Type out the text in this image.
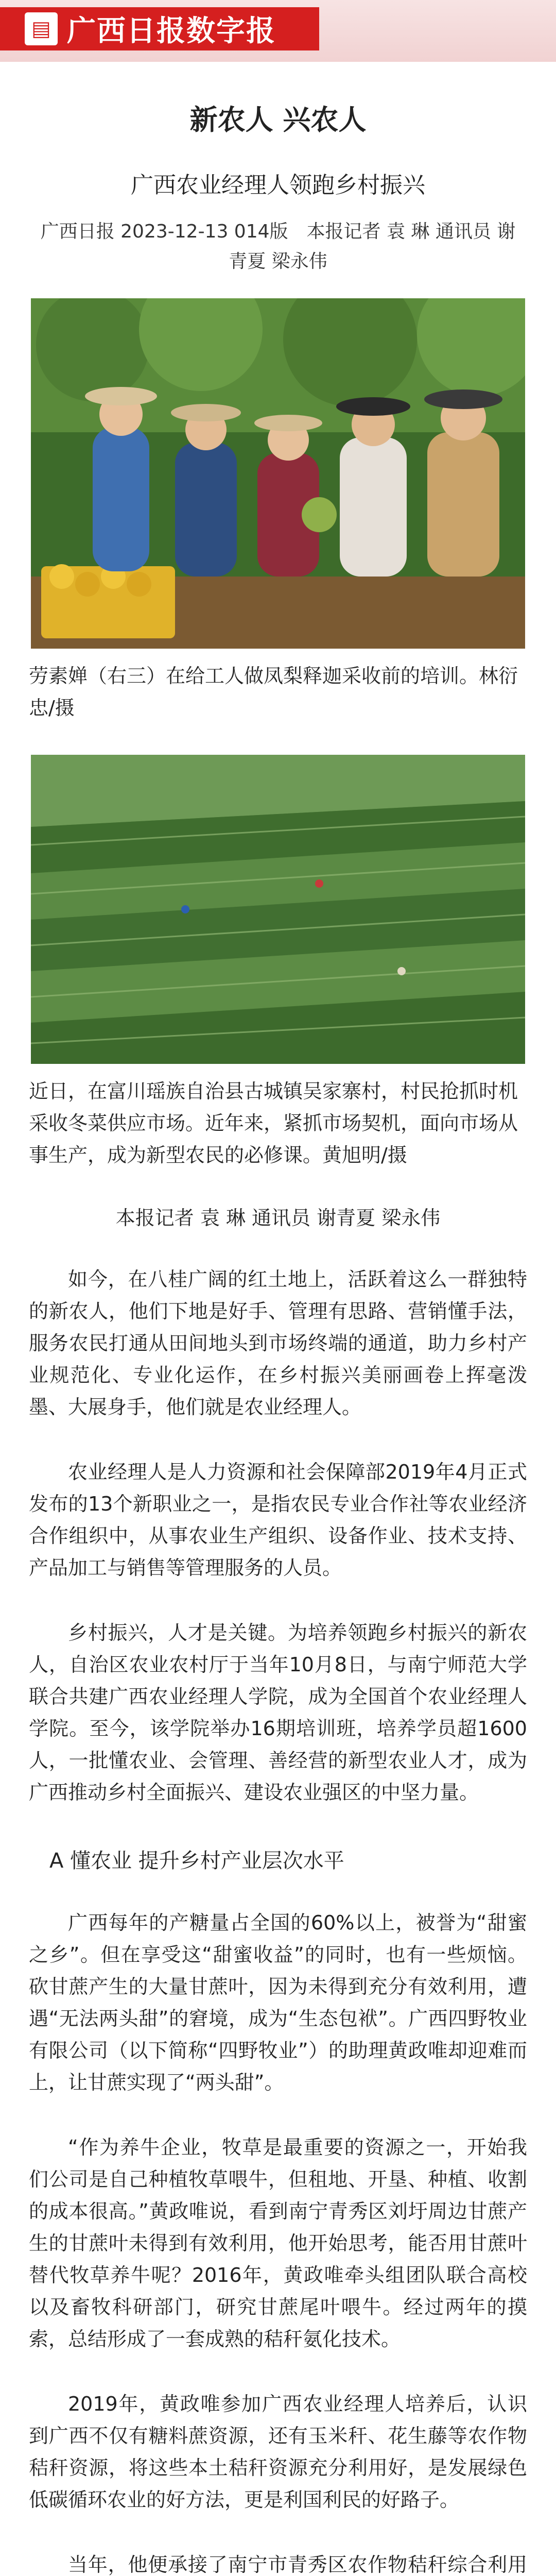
▤ 广西日报数字报
新农人 兴农人
广西农业经理人领跑乡村振兴
广西日报 2023-12-13 014版　本报记者 袁 琳 通讯员 谢青夏 梁永伟
劳素婵（右三）在给工人做凤梨释迦采收前的培训。林衍忠/摄
近日，在富川瑶族自治县古城镇吴家寨村，村民抢抓时机采收冬菜供应市场。近年来，紧抓市场契机，面向市场从事生产，成为新型农民的必修课。黄旭明/摄
本报记者 袁 琳 通讯员 谢青夏 梁永伟
如今，在八桂广阔的红土地上，活跃着这么一群独特的新农人，他们下地是好手、管理有思路、营销懂手法，服务农民打通从田间地头到市场终端的通道，助力乡村产业规范化、专业化运作，在乡村振兴美丽画卷上挥毫泼墨、大展身手，他们就是农业经理人。
农业经理人是人力资源和社会保障部2019年4月正式发布的13个新职业之一，是指农民专业合作社等农业经济合作组织中，从事农业生产组织、设备作业、技术支持、产品加工与销售等管理服务的人员。
乡村振兴，人才是关键。为培养领跑乡村振兴的新农人，自治区农业农村厅于当年10月8日，与南宁师范大学联合共建广西农业经理人学院，成为全国首个农业经理人学院。至今，该学院举办16期培训班，培养学员超1600人，一批懂农业、会管理、善经营的新型农业人才，成为广西推动乡村全面振兴、建设农业强区的中坚力量。
A 懂农业 提升乡村产业层次水平
广西每年的产糖量占全国的60%以上，被誉为“甜蜜之乡”。但在享受这“甜蜜收益”的同时，也有一些烦恼。砍甘蔗产生的大量甘蔗叶，因为未得到充分有效利用，遭遇“无法两头甜”的窘境，成为“生态包袱”。广西四野牧业有限公司（以下简称“四野牧业”）的助理黄政唯却迎难而上，让甘蔗实现了“两头甜”。
“作为养牛企业，牧草是最重要的资源之一，开始我们公司是自己种植牧草喂牛，但租地、开垦、种植、收割的成本很高。”黄政唯说，看到南宁青秀区刘圩周边甘蔗产生的甘蔗叶未得到有效利用，他开始思考，能否用甘蔗叶替代牧草养牛呢？2016年，黄政唯牵头组团队联合高校以及畜牧科研部门，研究甘蔗尾叶喂牛。经过两年的摸索，总结形成了一套成熟的秸秆氨化技术。
2019年，黄政唯参加广西农业经理人培养后，认识到广西不仅有糖料蔗资源，还有玉米秆、花生藤等农作物秸秆资源，将这些本土秸秆资源充分利用好，是发展绿色低碳循环农业的好方法，更是利国利民的好路子。
当年，他便承接了南宁市青秀区农作物秸秆综合利用
